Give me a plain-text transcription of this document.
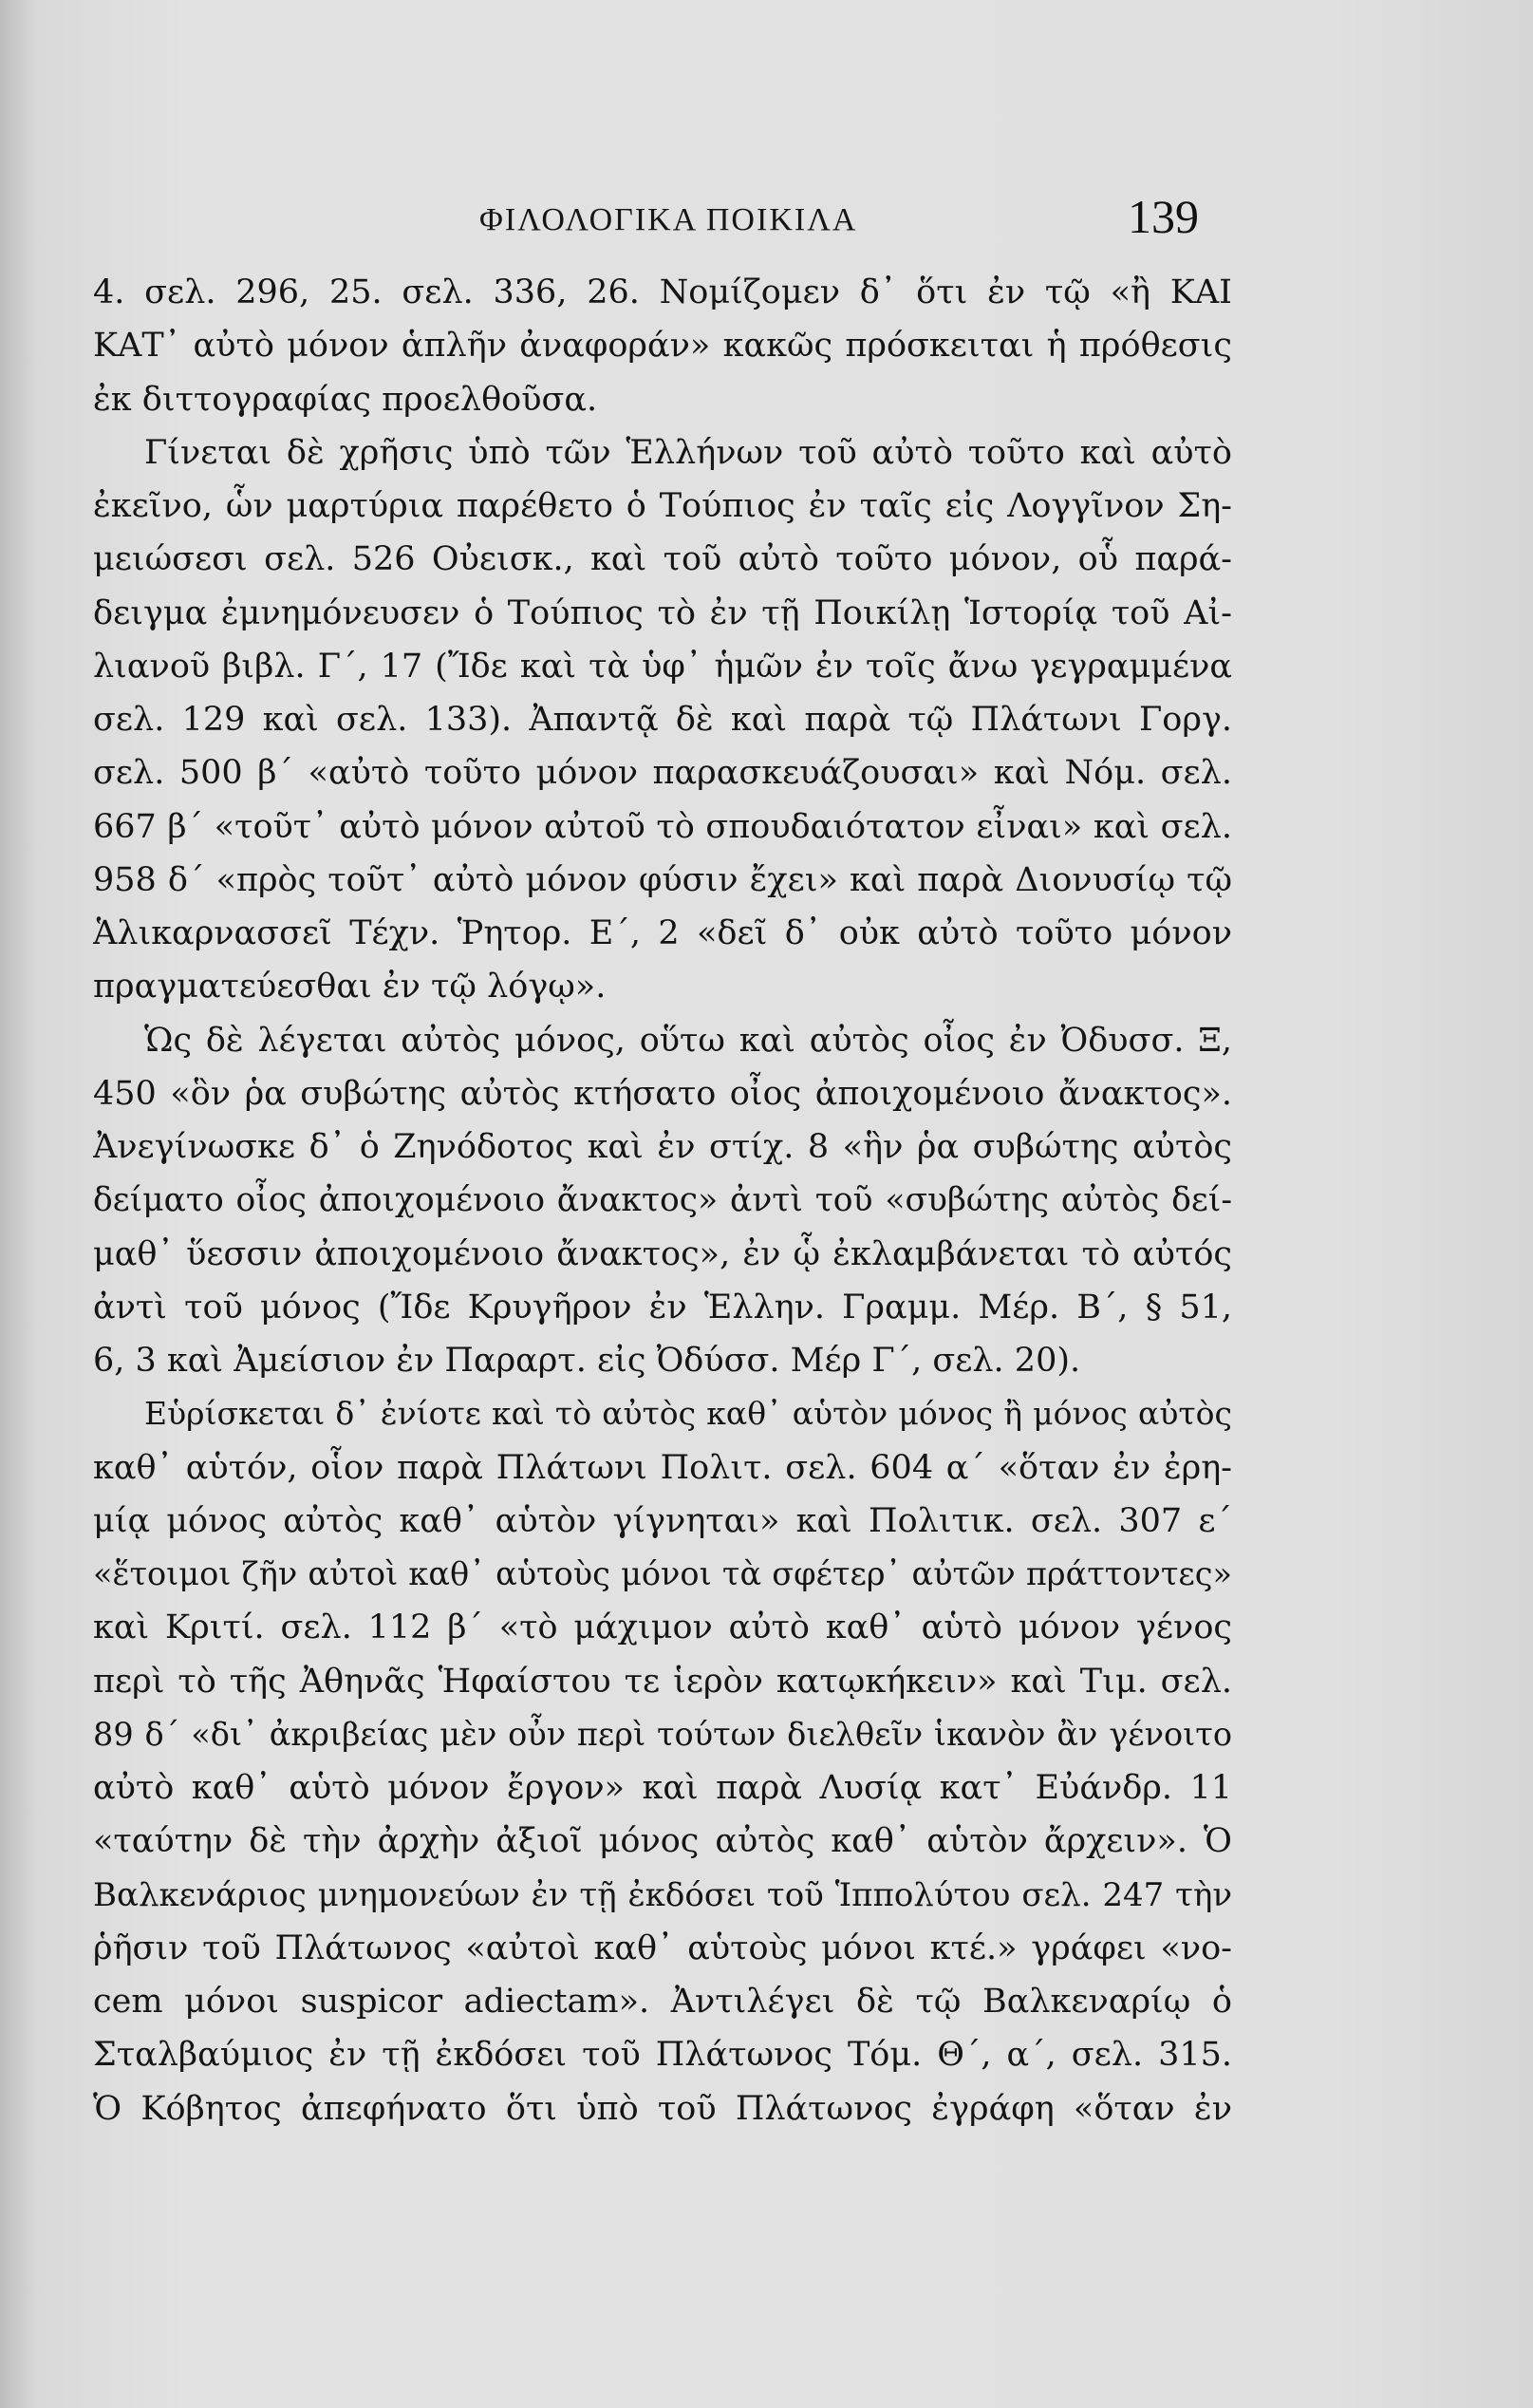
ΦΙΛΟΛΟΓΙΚΑ ΠΟΙΚΙΛΑ	139
4. σελ. 296, 25. σελ. 336, 26. Νομίζομεν δ᾽ ὅτι ἐν τῷ «ἢ ΚΑΙ
ΚΑΤ᾽ αὐτὸ μόνον ἁπλῆν ἀναφοράν» κακῶς πρόσκειται ἡ πρόθεσις
ἐκ διττογραφίας προελθοῦσα.
Γίνεται δὲ χρῆσις ὑπὸ τῶν Ἑλλήνων τοῦ αὐτὸ τοῦτο καὶ αὐτὸ
ἐκεῖνο, ὧν μαρτύρια παρέθετο ὁ Τούπιος ἐν ταῖς εἰς Λογγῖνον Ση-
μειώσεσι σελ. 526 Οὐεισκ., καὶ τοῦ αὐτὸ τοῦτο μόνον, οὗ παρά-
δειγμα ἐμνημόνευσεν ὁ Τούπιος τὸ ἐν τῇ Ποικίλῃ Ἱστορίᾳ τοῦ Αἰ-
λιανοῦ βιβλ. Γ´, 17 (Ἴδε καὶ τὰ ὑφ᾽ ἡμῶν ἐν τοῖς ἄνω γεγραμμένα
σελ. 129 καὶ σελ. 133). Ἀπαντᾷ δὲ καὶ παρὰ τῷ Πλάτωνι Γοργ.
σελ. 500 β´ «αὐτὸ τοῦτο μόνον παρασκευάζουσαι» καὶ Νόμ. σελ.
667 β´ «τοῦτ᾽ αὐτὸ μόνον αὐτοῦ τὸ σπουδαιότατον εἶναι» καὶ σελ.
958 δ´ «πρὸς τοῦτ᾽ αὐτὸ μόνον φύσιν ἔχει» καὶ παρὰ Διονυσίῳ τῷ
Ἁλικαρνασσεῖ Τέχν. Ῥητορ. Ε´, 2 «δεῖ δ᾽ οὐκ αὐτὸ τοῦτο μόνον
πραγματεύεσθαι ἐν τῷ λόγῳ».
Ὡς δὲ λέγεται αὐτὸς μόνος, οὕτω καὶ αὐτὸς οἶος ἐν Ὀδυσσ. Ξ,
450 «ὃν ῥα συβώτης αὐτὸς κτήσατο οἶος ἀποιχομένοιο ἄνακτος».
Ἀνεγίνωσκε δ᾽ ὁ Ζηνόδοτος καὶ ἐν στίχ. 8 «ἣν ῥα συβώτης αὐτὸς
δείματο οἶος ἀποιχομένοιο ἄνακτος» ἀντὶ τοῦ «συβώτης αὐτὸς δεί-
μαθ᾽ ὕεσσιν ἀποιχομένοιο ἄνακτος», ἐν ᾧ ἐκλαμβάνεται τὸ αὐτός
ἀντὶ τοῦ μόνος (Ἴδε Κρυγῆρον ἐν Ἑλλην. Γραμμ. Μέρ. Β´, § 51,
6, 3 καὶ Ἀμείσιον ἐν Παραρτ. εἰς Ὀδύσσ. Μέρ Γ´, σελ. 20).
Εὑρίσκεται δ᾽ ἐνίοτε καὶ τὸ αὐτὸς καθ᾽ αὑτὸν μόνος ἢ μόνος αὐτὸς
καθ᾽ αὑτόν, οἷον παρὰ Πλάτωνι Πολιτ. σελ. 604 α´ «ὅταν ἐν ἐρη-
μίᾳ μόνος αὐτὸς καθ᾽ αὑτὸν γίγνηται» καὶ Πολιτικ. σελ. 307 ε´
«ἕτοιμοι ζῆν αὐτοὶ καθ᾽ αὑτοὺς μόνοι τὰ σφέτερ᾽ αὐτῶν πράττοντες»
καὶ Κριτί. σελ. 112 β´ «τὸ μάχιμον αὐτὸ καθ᾽ αὑτὸ μόνον γένος
περὶ τὸ τῆς Ἀθηνᾶς Ἡφαίστου τε ἱερὸν κατῳκήκειν» καὶ Τιμ. σελ.
89 δ´ «δι᾽ ἀκριβείας μὲν οὖν περὶ τούτων διελθεῖν ἱκανὸν ἂν γένοιτο
αὐτὸ καθ᾽ αὑτὸ μόνον ἔργον» καὶ παρὰ Λυσίᾳ κατ᾽ Εὐάνδρ. 11
«ταύτην δὲ τὴν ἀρχὴν ἀξιοῖ μόνος αὐτὸς καθ᾽ αὑτὸν ἄρχειν». Ὁ
Βαλκενάριος μνημονεύων ἐν τῇ ἐκδόσει τοῦ Ἱππολύτου σελ. 247 τὴν
ῥῆσιν τοῦ Πλάτωνος «αὐτοὶ καθ᾽ αὑτοὺς μόνοι κτέ.» γράφει «νο-
cem μόνοι suspicor adiectam». Ἀντιλέγει δὲ τῷ Βαλκεναρίῳ ὁ
Σταλβαύμιος ἐν τῇ ἐκδόσει τοῦ Πλάτωνος Τόμ. Θ´, α´, σελ. 315.
Ὁ Κόβητος ἀπεφήνατο ὅτι ὑπὸ τοῦ Πλάτωνος ἐγράφη «ὅταν ἐν
